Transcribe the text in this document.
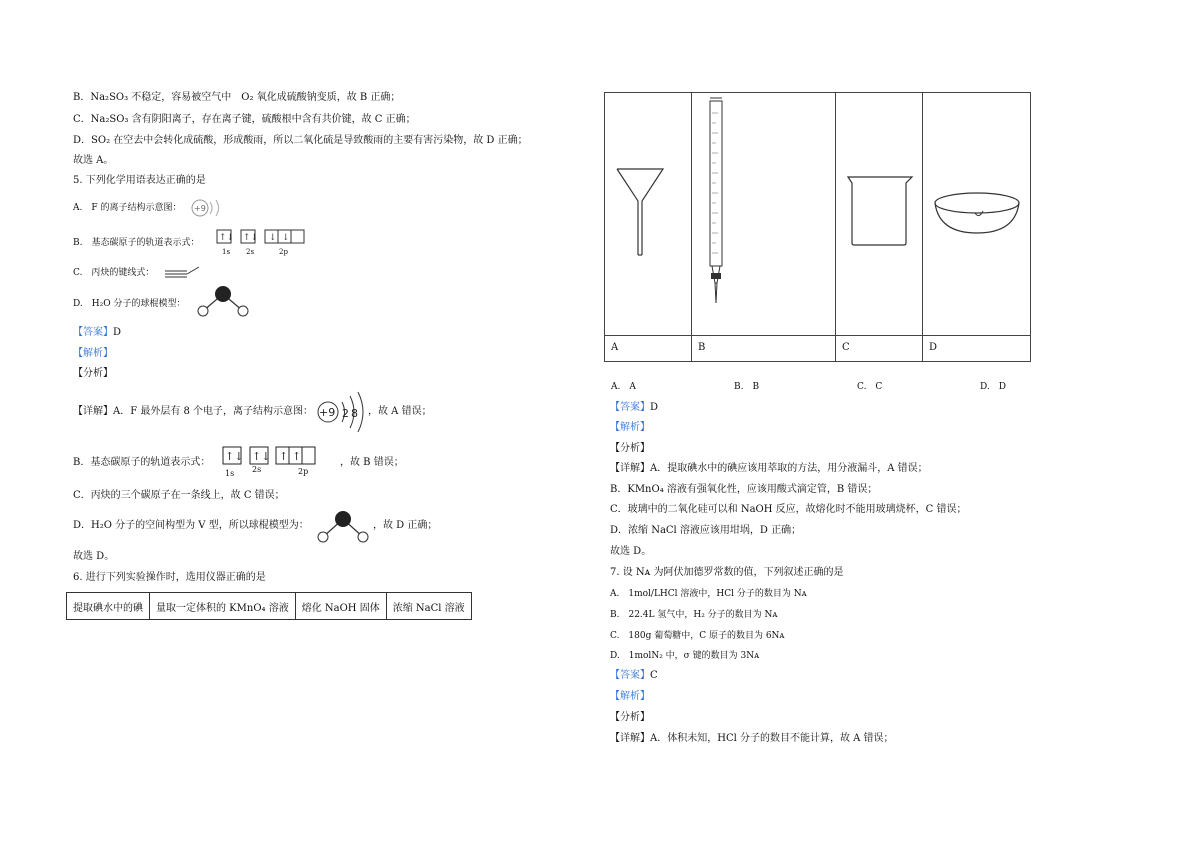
B．Na₂SO₃ 不稳定，容易被空气中　O₂ 氧化成硫酸钠变质，故 B 正确；
C．Na₂SO₃ 含有阴阳离子，存在离子键，硫酸根中含有共价键，故 C 正确；
D．SO₂ 在空去中会转化成硫酸，形成酸雨，所以二氧化硫是导致酸雨的主要有害污染物，故 D 正确；
故选 A。
5. 下列化学用语表达正确的是
A.　F 的离子结构示意图： +9
B.　基态碳原子的轨道表示式： ↑↓ ↑↓ ↓ ↓
1s 2s	2p
C.　丙炔的键线式：
D.　H₂O 分子的球棍模型：
【答案】D
【解析】
【分析】
【详解】A．F 最外层有 8 个电子，离子结构示意图： +9 2 8 ，故 A 错误；
B．基态碳原子的轨道表示式： ↑↓ ↑↓ ↑ ↑
1s 2s	2p
，故 B 错误；
C．丙炔的三个碳原子在一条线上，故 C 错误；
D．H₂O 分子的空间构型为 V 型，所以球棍模型为：	，故 D 正确；
故选 D。
6. 进行下列实验操作时，选用仪器正确的是
提取碘水中的碘	量取一定体积的 KMnO₄ 溶液	熔化 NaOH 固体	浓缩 NaCl 溶液
A	B	C	D
A.　A	B.　B	C.　C	D.　D
【答案】D
【解析】
【分析】
【详解】A．提取碘水中的碘应该用萃取的方法，用分液漏斗，A 错误；
B．KMnO₄ 溶液有强氧化性，应该用酸式滴定管，B 错误；
C．玻璃中的二氧化硅可以和 NaOH 反应，故熔化时不能用玻璃烧杯，C 错误；
D．浓缩 NaCl 溶液应该用坩埚，D 正确；
故选 D。
7. 设 Nᴀ 为阿伏加德罗常数的值，下列叙述正确的是
A.　1mol/LHCl 溶液中，HCl 分子的数目为 Nᴀ
B.　22.4L 氢气中，H₂ 分子的数目为 Nᴀ
C.　180g 葡萄糖中，C 原子的数目为 6Nᴀ
D.　1molN₂ 中，σ 键的数目为 3Nᴀ
【答案】C
【解析】
【分析】
【详解】A．体积未知，HCl 分子的数目不能计算，故 A 错误；
